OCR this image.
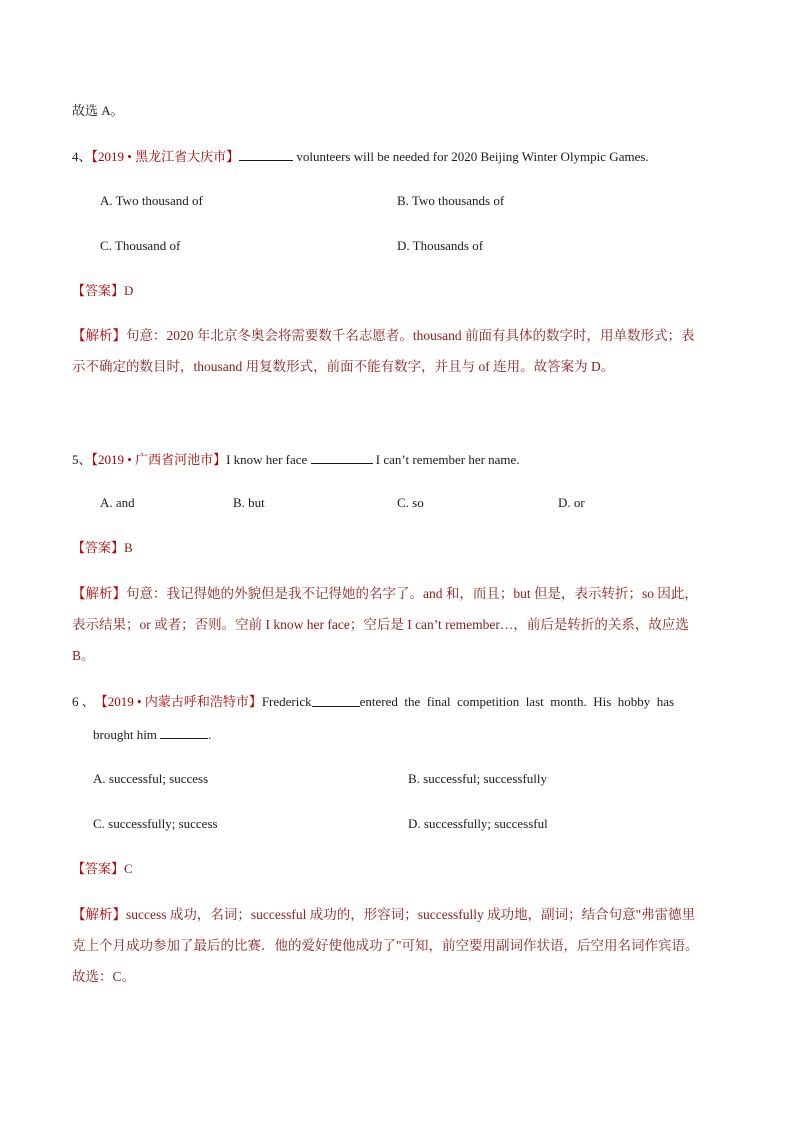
故选 A。
4、【2019 • 黑龙江省大庆市】	volunteers will be needed for 2020 Beijing Winter Olympic Games.
A. Two thousand of	B. Two thousands of
C. Thousand of	D. Thousands of
【答案】D
【解析】句意：2020 年北京冬奥会将需要数千名志愿者。thousand 前面有具体的数字时，用单数形式；表
示不确定的数目时，thousand 用复数形式，前面不能有数字，并且与 of 连用。故答案为 D。
5、【2019 • 广西省河池市】I know her face	I can’t remember her name.
A. and	B. but	C. so	D. or
【答案】B
【解析】句意：我记得她的外貌但是我不记得她的名字了。and 和，而且；but 但是，表示转折；so 因此，
表示结果；or 或者；否则。空前 I know her face；空后是 I can’t remember…，前后是转折的关系，故应选
B。
6 、 【2019 • 内蒙古呼和浩特市】 Frederick	entered  the  final  competition  last  month.  His  hobby  has
brought him	.
A. successful; success	B. successful; successfully
C. successfully; success	D. successfully; successful
【答案】C
【解析】success 成功，名词；successful 成功的，形容词；successfully 成功地，副词；结合句意"弗雷德里
克上个月成功参加了最后的比赛．他的爱好使他成功了"可知，前空要用副词作状语，后空用名词作宾语。
故选：C。
